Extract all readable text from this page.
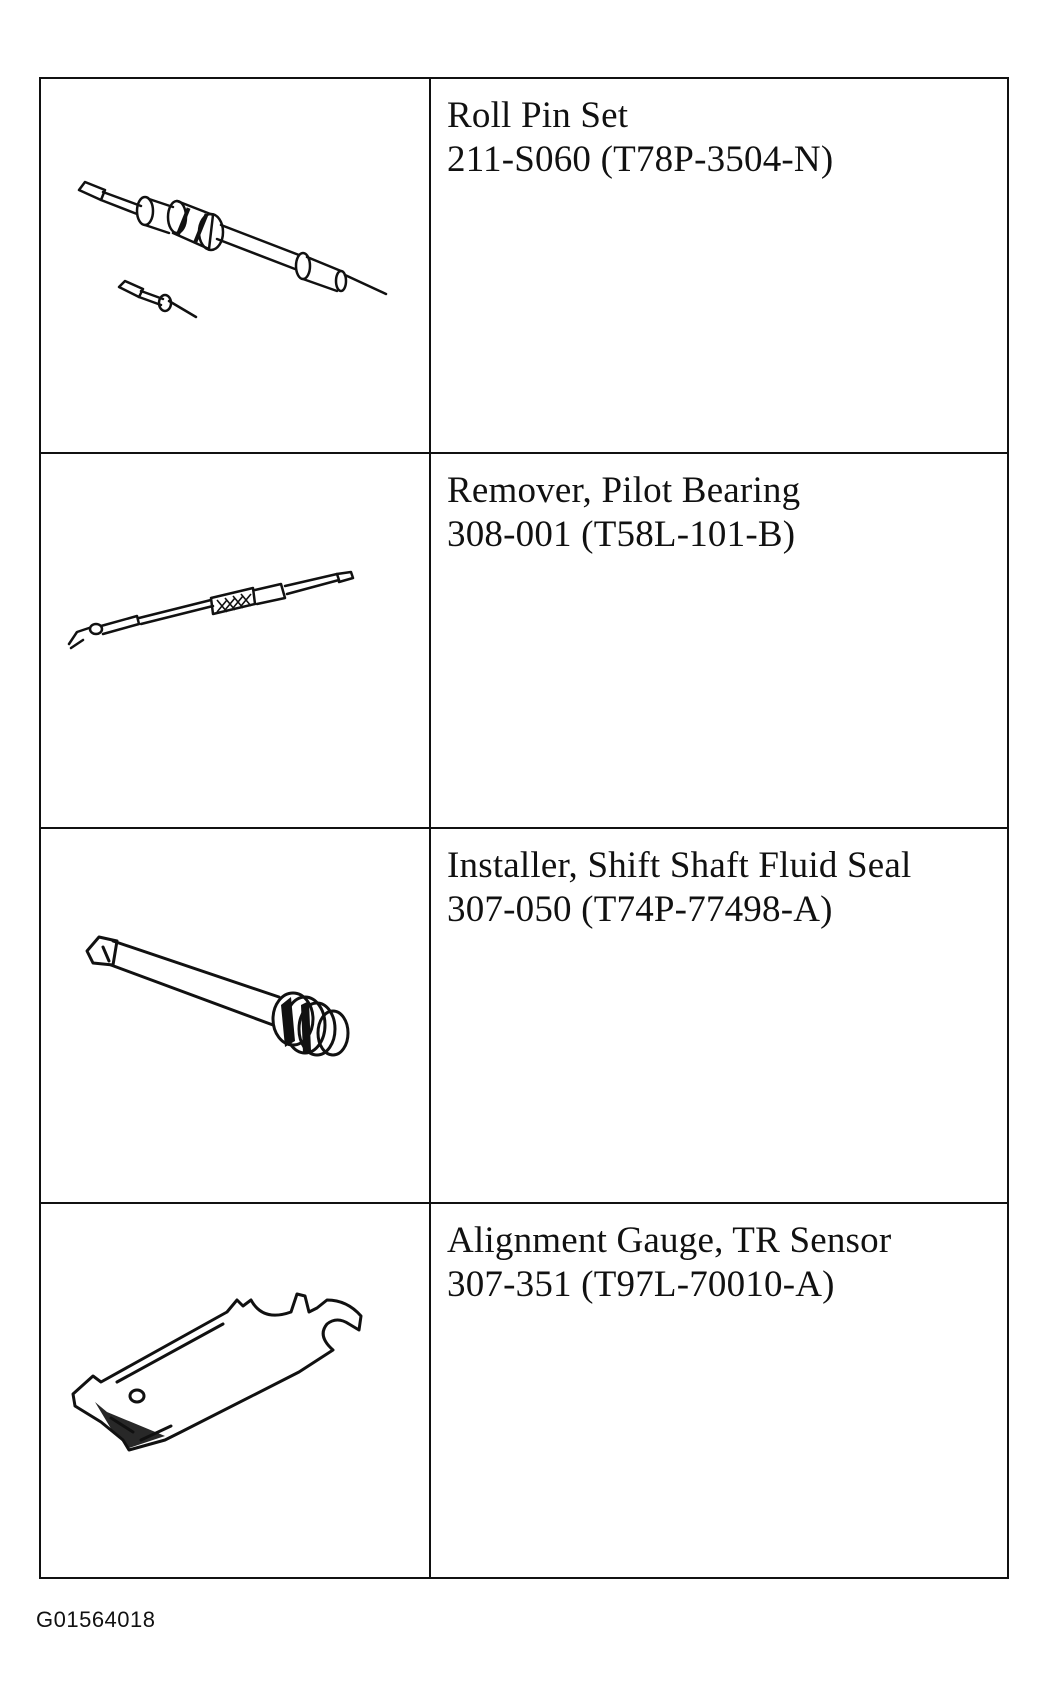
Roll Pin Set
211-S060 (T78P-3504-N)

Remover, Pilot Bearing
308-001 (T58L-101-B)

Installer, Shift Shaft Fluid Seal
307-050 (T74P-77498-A)

Alignment Gauge, TR Sensor
307-351 (T97L-70010-A)
G01564018
